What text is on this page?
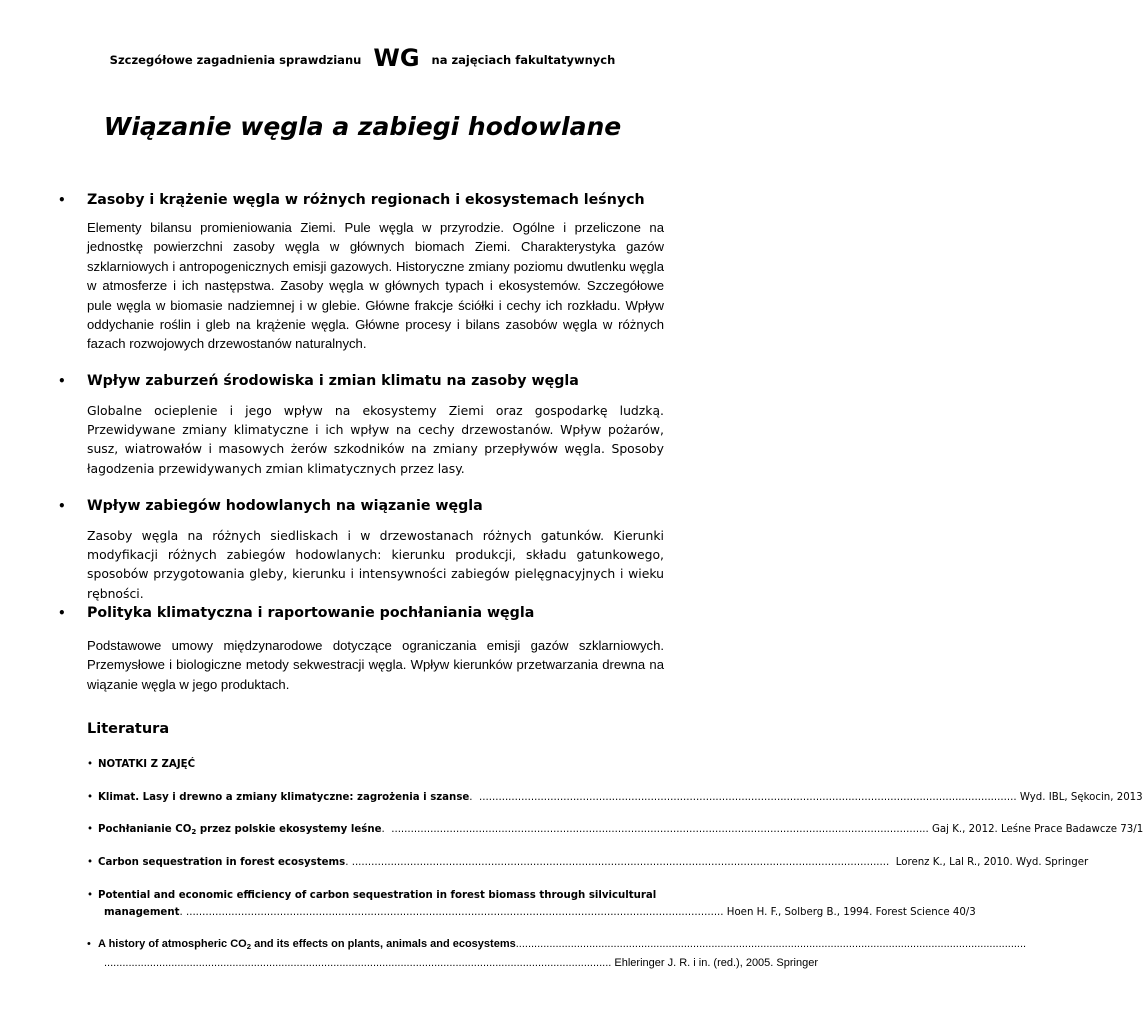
Szczegółowe zagadnienia sprawdzianu WG na zajęciach fakultatywnych
Wiązanie węgla a zabiegi hodowlane
• Zasoby i krążenie węgla w różnych regionach i ekosystemach leśnych
Elementy bilansu promieniowania Ziemi. Pule węgla w przyrodzie. Ogólne i przeliczone na jednostkę powierzchni zasoby węgla w głównych biomach Ziemi. Charakterystyka gazów szklarniowych i antropogenicznych emisji gazowych. Historyczne zmiany poziomu dwutlenku węgla w atmosferze i ich następstwa. Zasoby węgla w głównych typach i ekosystemów. Szczegółowe pule węgla w biomasie nadziemnej i w glebie. Główne frakcje ściółki i cechy ich rozkładu. Wpływ oddychanie roślin i gleb na krążenie węgla. Główne procesy i bilans zasobów węgla w różnych fazach rozwojowych drzewostanów naturalnych.
• Wpływ zaburzeń środowiska i zmian klimatu na zasoby węgla
Globalne ocieplenie i jego wpływ na ekosystemy Ziemi oraz gospodarkę ludzką. Przewidywane zmiany klimatyczne i ich wpływ na cechy drzewostanów. Wpływ pożarów, susz, wiatrowałów i masowych żerów szkodników na zmiany przepływów węgla. Sposoby łagodzenia przewidywanych zmian klimatycznych przez lasy.
• Wpływ zabiegów hodowlanych na wiązanie węgla
Zasoby węgla na różnych siedliskach i w drzewostanach różnych gatunków. Kierunki modyfikacji różnych zabiegów hodowlanych: kierunku produkcji, składu gatunkowego, sposobów przygotowania gleby, kierunku i intensywności zabiegów pielęgnacyjnych i wieku rębności.
• Polityka klimatyczna i raportowanie pochłaniania węgla
Podstawowe umowy międzynarodowe dotyczące ograniczania emisji gazów szklarniowych. Przemysłowe i biologiczne metody sekwestracji węgla. Wpływ kierunków przetwarzania drewna na wiązanie węgla w jego produktach.
Literatura
• NOTATKI Z ZAJĘĆ
• Klimat. Lasy i drewno a zmiany klimatyczne: zagrożenia i szanse. ...................................................................................................................................................................... Wyd. IBL, Sękocin, 2013
• Pochłanianie $CO_2$ przez polskie ekosystemy leśne. ...................................................................................................................................................................... Gaj K., 2012. Leśne Prace Badawcze 73/1
• Carbon sequestration in forest ecosystems. ...................................................................................................................................................................... Lorenz K., Lal R., 2010. Wyd. Springer
• Potential and economic efficiency of carbon sequestration in forest biomass through silvicultural
management. ...................................................................................................................................................................... Hoen H. F., Solberg B., 1994. Forest Science 40/3
• A history of atmospheric $CO_2$ and its effects on plants, animals and ecosystems. ......................................................................................................................................................................
...................................................................................................................................................................... Ehleringer J. R. i in. (red.), 2005. Springer
